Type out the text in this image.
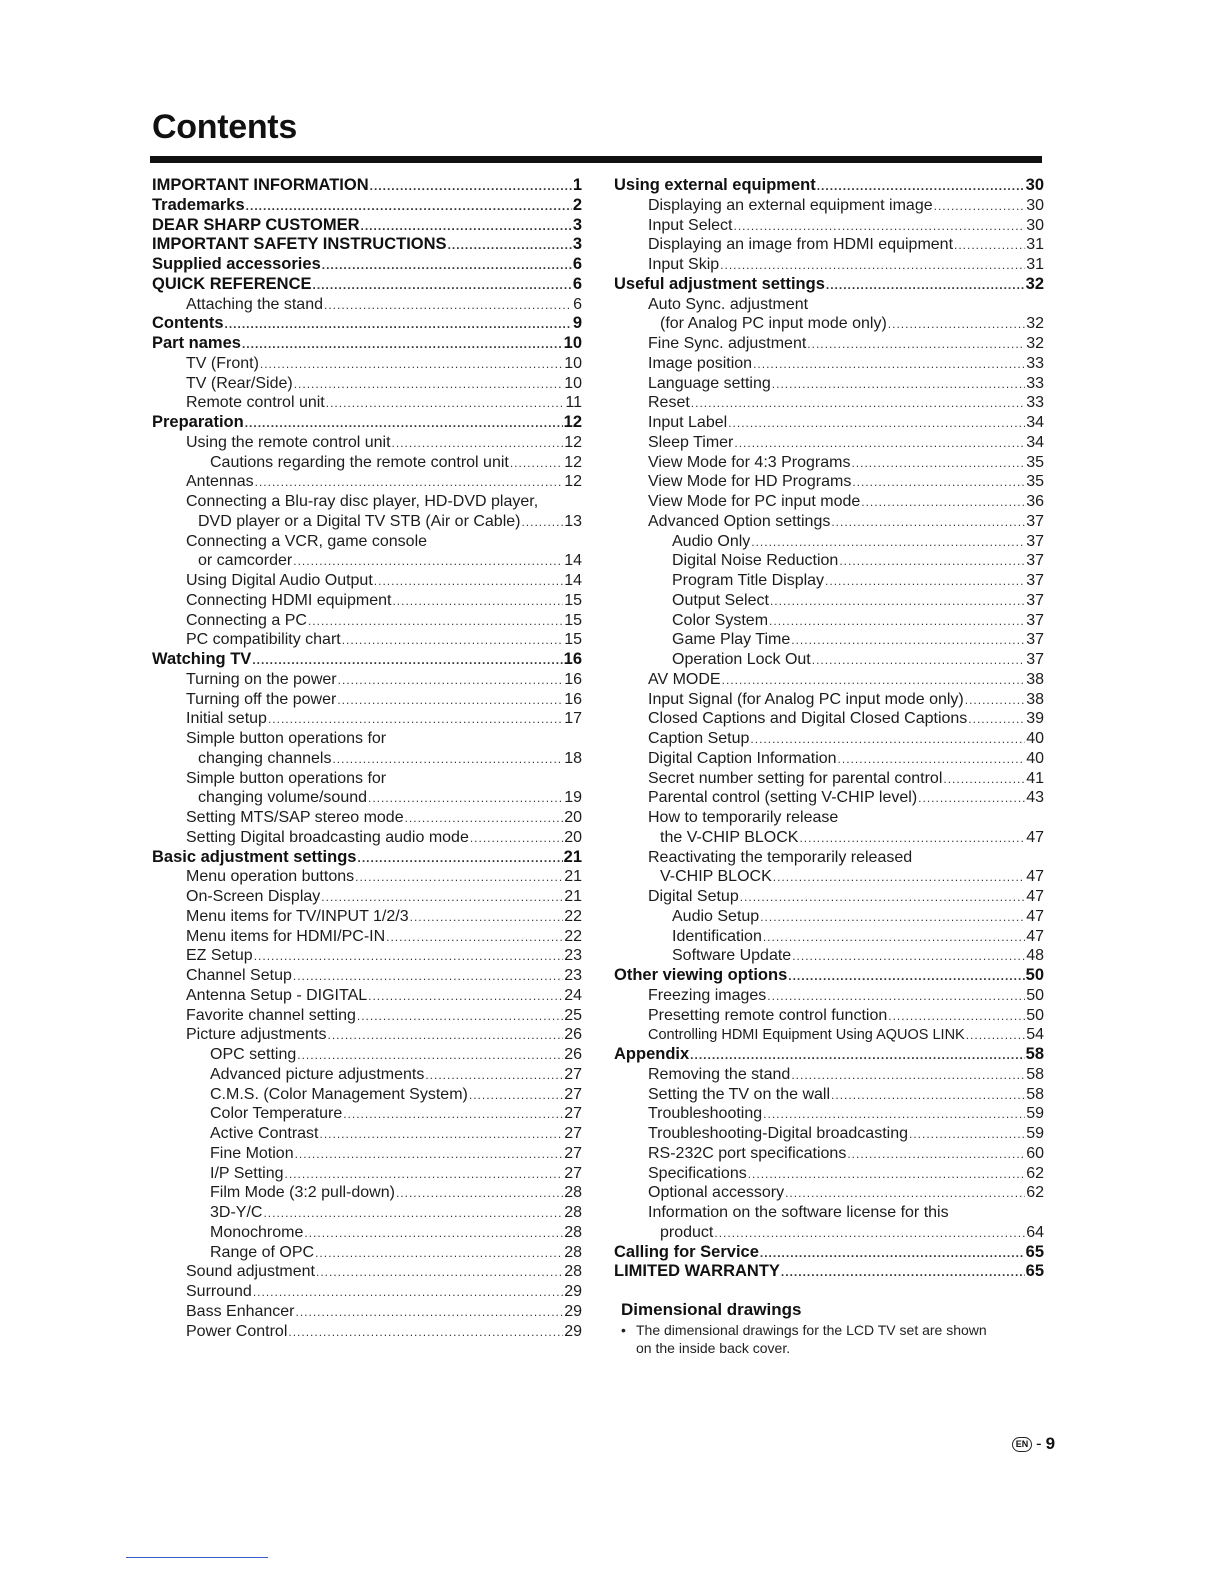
Contents
IMPORTANT INFORMATION .....	1
Trademarks .....	2
DEAR SHARP CUSTOMER .....	3
IMPORTANT SAFETY INSTRUCTIONS .....	3
Supplied accessories .....	6
QUICK REFERENCE .....	6
Attaching the stand .....	6
Contents .....	9
Part names .....	10
TV (Front) .....	10
TV (Rear/Side) .....	10
Remote control unit .....	11
Preparation .....	12
Using the remote control unit .....	12
Cautions regarding the remote control unit .....	12
Antennas .....	12
Connecting a Blu-ray disc player, HD-DVD player,
DVD player or a Digital TV STB (Air or Cable) .....	13
Connecting a VCR, game console
or camcorder .....	14
Using Digital Audio Output .....	14
Connecting HDMI equipment .....	15
Connecting a PC .....	15
PC compatibility chart .....	15
Watching TV .....	16
Turning on the power .....	16
Turning off the power .....	16
Initial setup .....	17
Simple button operations for
changing channels .....	18
Simple button operations for
changing volume/sound .....	19
Setting MTS/SAP stereo mode .....	20
Setting Digital broadcasting audio mode .....	20
Basic adjustment settings .....	21
Menu operation buttons .....	21
On-Screen Display .....	21
Menu items for TV/INPUT 1/2/3 .....	22
Menu items for HDMI/PC-IN .....	22
EZ Setup .....	23
Channel Setup .....	23
Antenna Setup - DIGITAL .....	24
Favorite channel setting .....	25
Picture adjustments .....	26
OPC setting .....	26
Advanced picture adjustments .....	27
C.M.S. (Color Management System) .....	27
Color Temperature .....	27
Active Contrast .....	27
Fine Motion .....	27
I/P Setting .....	27
Film Mode (3:2 pull-down) .....	28
3D-Y/C .....	28
Monochrome .....	28
Range of OPC .....	28
Sound adjustment .....	28
Surround .....	29
Bass Enhancer .....	29
Power Control .....	29
Using external equipment .....	30
Displaying an external equipment image .....	30
Input Select .....	30
Displaying an image from HDMI equipment .....	31
Input Skip .....	31
Useful adjustment settings .....	32
Auto Sync. adjustment
(for Analog PC input mode only) .....	32
Fine Sync. adjustment .....	32
Image position .....	33
Language setting .....	33
Reset .....	33
Input Label .....	34
Sleep Timer .....	34
View Mode for 4:3 Programs .....	35
View Mode for HD Programs .....	35
View Mode for PC input mode .....	36
Advanced Option settings .....	37
Audio Only .....	37
Digital Noise Reduction .....	37
Program Title Display .....	37
Output Select .....	37
Color System .....	37
Game Play Time .....	37
Operation Lock Out .....	37
AV MODE .....	38
Input Signal (for Analog PC input mode only) .....	38
Closed Captions and Digital Closed Captions .....	39
Caption Setup .....	40
Digital Caption Information .....	40
Secret number setting for parental control .....	41
Parental control (setting V-CHIP level) .....	43
How to temporarily release
the V-CHIP BLOCK .....	47
Reactivating the temporarily released
V-CHIP BLOCK .....	47
Digital Setup .....	47
Audio Setup .....	47
Identification .....	47
Software Update .....	48
Other viewing options .....	50
Freezing images .....	50
Presetting remote control function .....	50
Controlling HDMI Equipment Using AQUOS LINK .....	54
Appendix .....	58
Removing the stand .....	58
Setting the TV on the wall .....	58
Troubleshooting .....	59
Troubleshooting-Digital broadcasting .....	59
RS-232C port specifications .....	60
Specifications .....	62
Optional accessory .....	62
Information on the software license for this
product .....	64
Calling for Service .....	65
LIMITED WARRANTY .....	65
Dimensional drawings
• The dimensional drawings for the LCD TV set are shown
on the inside back cover.
EN - 9
